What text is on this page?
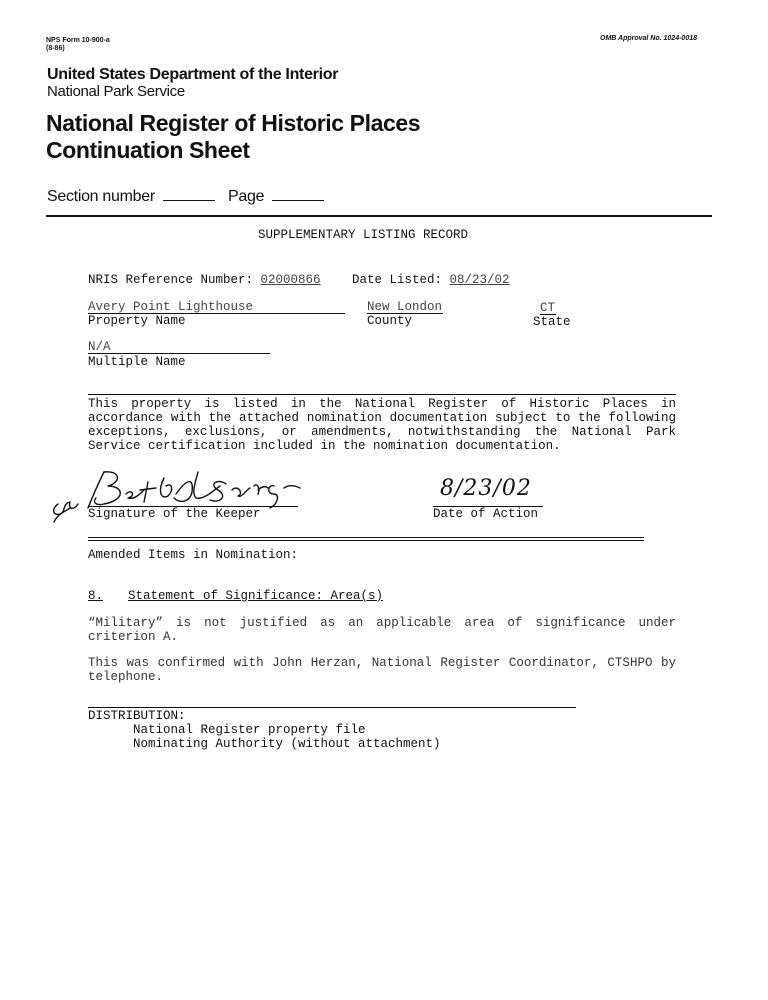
NPS Form 10-900-a
(8-86)
OMB Approval No. 1024-0018
United States Department of the Interior
National Park Service
National Register of Historic Places
Continuation Sheet
Section number	Page
SUPPLEMENTARY LISTING RECORD
NRIS Reference Number: 02000866	Date Listed: 08/23/02
Avery Point Lighthouse
Property Name
New London
County
CT
State
N/A
Multiple Name
This property is listed in the National Register of Historic Places in accordance with the attached nomination documentation subject to the following exceptions, exclusions, or amendments, notwithstanding the National Park Service certification included in the nomination documentation.
Signature of the Keeper
8/23/02
Date of Action
Amended Items in Nomination:
8. Statement of Significance: Area(s)
“Military” is not justified as an applicable area of significance under criterion A.
This was confirmed with John Herzan, National Register Coordinator, CTSHPO by telephone.
DISTRIBUTION:
National Register property file
Nominating Authority (without attachment)
